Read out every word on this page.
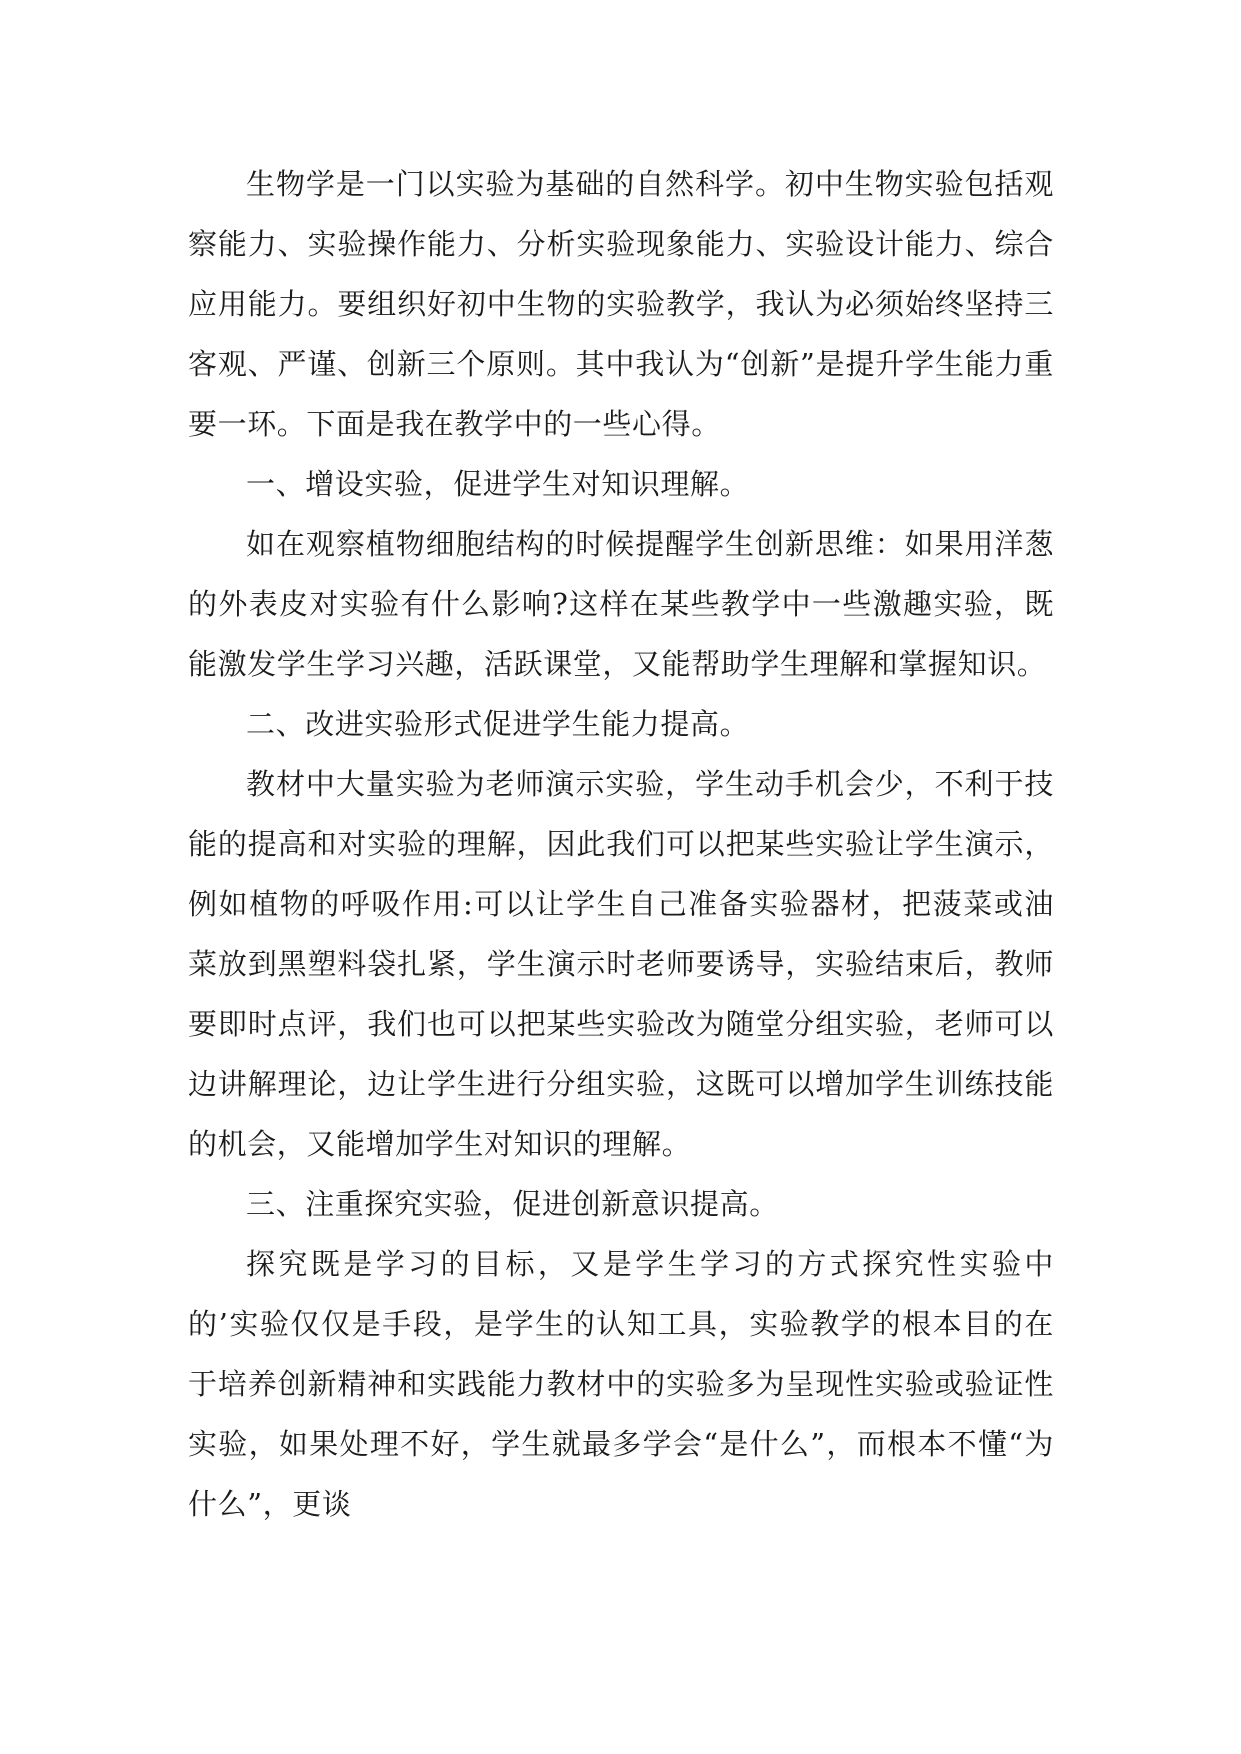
生物学是一门以实验为基础的自然科学。初中生物实验包括观察能力、实验操作能力、分析实验现象能力、实验设计能力、综合应用能力。要组织好初中生物的实验教学，我认为必须始终坚持三客观、严谨、创新三个原则。其中我认为“创新”是提升学生能力重要一环。下面是我在教学中的一些心得。

一、增设实验，促进学生对知识理解。

如在观察植物细胞结构的时候提醒学生创新思维：如果用洋葱的外表皮对实验有什么影响?这样在某些教学中一些激趣实验，既能激发学生学习兴趣，活跃课堂，又能帮助学生理解和掌握知识。

二、改进实验形式促进学生能力提高。

教材中大量实验为老师演示实验，学生动手机会少，不利于技能的提高和对实验的理解，因此我们可以把某些实验让学生演示，例如植物的呼吸作用:可以让学生自己准备实验器材，把菠菜或油菜放到黑塑料袋扎紧，学生演示时老师要诱导，实验结束后，教师要即时点评，我们也可以把某些实验改为随堂分组实验，老师可以边讲解理论，边让学生进行分组实验，这既可以增加学生训练技能的机会，又能增加学生对知识的理解。

三、注重探究实验，促进创新意识提高。

探究既是学习的目标，又是学生学习的方式探究性实验中的’实验仅仅是手段，是学生的认知工具，实验教学的根本目的在于培养创新精神和实践能力教材中的实验多为呈现性实验或验证性实验，如果处理不好，学生就最多学会“是什么”，而根本不懂“为什么”，更谈
